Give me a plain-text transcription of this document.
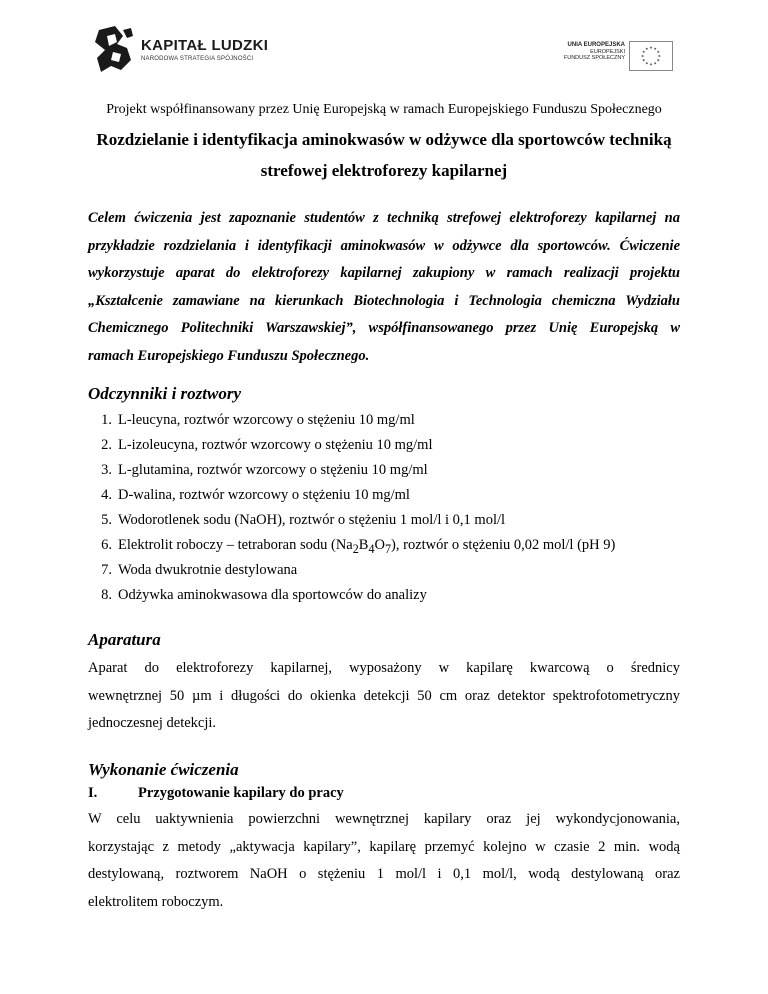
KAPITAŁ LUDZKI
NARODOWA STRATEGIA SPÓJNOŚCI
UNIA EUROPEJSKA
EUROPEJSKI
FUNDUSZ SPOŁECZNY
Projekt współfinansowany przez Unię Europejską w ramach Europejskiego Funduszu Społecznego
Rozdzielanie i identyfikacja aminokwasów w odżywce dla sportowców techniką
strefowej elektroforezy kapilarnej

Celem ćwiczenia jest zapoznanie studentów z techniką strefowej elektroforezy kapilarnej na
przykładzie rozdzielania i identyfikacji aminokwasów w odżywce dla sportowców. Ćwiczenie
wykorzystuje aparat do elektroforezy kapilarnej zakupiony w ramach realizacji projektu
„Kształcenie zamawiane na kierunkach Biotechnologia i Technologia chemiczna Wydziału
Chemicznego Politechniki Warszawskiej”, współfinansowanego przez Unię Europejską w
ramach Europejskiego Funduszu Społecznego.

Odczynniki i roztwory
1. L-leucyna, roztwór wzorcowy o stężeniu 10 mg/ml
2. L-izoleucyna, roztwór wzorcowy o stężeniu 10 mg/ml
3. L-glutamina, roztwór wzorcowy o stężeniu 10 mg/ml
4. D-walina, roztwór wzorcowy o stężeniu 10 mg/ml
5. Wodorotlenek sodu (NaOH), roztwór o stężeniu 1 mol/l i 0,1 mol/l
6. Elektrolit roboczy – tetraboran sodu $(Na_2B_4O_7)$, roztwór o stężeniu 0,02 mol/l (pH 9)
7. Woda dwukrotnie destylowana
8. Odżywka aminokwasowa dla sportowców do analizy
Aparatura

Aparat do elektroforezy kapilarnej, wyposażony w kapilarę kwarcową o średnicy
wewnętrznej 50 µm i długości do okienka detekcji 50 cm oraz detektor spektrofotometryczny
jednoczesnej detekcji.

Wykonanie ćwiczenia
I.	Przygotowanie kapilary do pracy

W celu uaktywnienia powierzchni wewnętrznej kapilary oraz jej wykondycjonowania,
korzystając z metody „aktywacja kapilary”, kapilarę przemyć kolejno w czasie 2 min. wodą
destylowaną, roztworem NaOH o stężeniu 1 mol/l i 0,1 mol/l, wodą destylowaną oraz
elektrolitem roboczym.
